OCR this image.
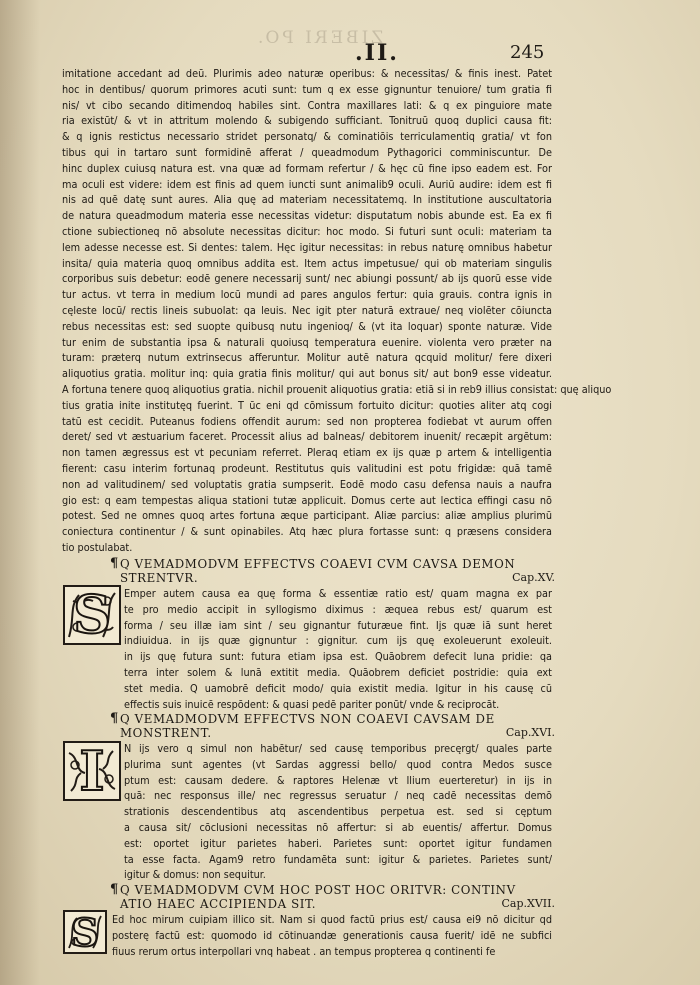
ZIBERI PO.
.II.	245
imitatione accedant ad deū. Plurimis adeo naturæ operibus: & necessitas/ & finis inest. Patet
hoc in dentibus/ quorum primores acuti sunt: tum q ex esse gignuntur tenuiore/ tum gratia fi
nis/ vt cibo secando ditimendoq habiles sint. Contra maxillares lati: & q ex pinguiore mate
ria existūt/ & vt in attritum molendo & subigendo sufficiant. Tonitruū quoq duplici causa fit:
& q ignis restictus necessario stridet personatq/ & cominatiōis terriculamentiq gratia/ vt fon
tibus qui in tartaro sunt formidinē afferat / queadmodum Pythagorici comminiscuntur. De
hinc duplex cuiusq natura est. vna quæ ad formam refertur / & hęc cū fine ipso eadem est. For
ma oculi est videre: idem est finis ad quem iuncti sunt animalib9 oculi. Auriū audire: idem est fi
nis ad quē datę sunt aures. Alia quę ad materiam necessitatemq. In institutione auscultatoria
de natura queadmodum materia esse necessitas videtur: disputatum nobis abunde est. Ea ex fi
ctione subiectioneq nō absolute necessitas dicitur: hoc modo. Si futuri sunt oculi: materiam ta
lem adesse necesse est. Si dentes: talem. Hęc igitur necessitas: in rebus naturę omnibus habetur
insita/ quia materia quoq omnibus addita est. Item actus impetusue/ qui ob materiam singulis
corporibus suis debetur: eodē genere necessarij sunt/ nec abiungi possunt/ ab ijs quorū esse vide
tur actus. vt terra in medium locū mundi ad pares angulos fertur: quia grauis. contra ignis in
cęleste locū/ rectis lineis subuolat: qa leuis. Nec igit pter naturā extraue/ neq violēter cōiuncta
rebus necessitas est: sed suopte quibusq nutu ingenioq/ & (vt ita loquar) sponte naturæ. Vide
tur enim de substantia ipsa & naturali quoiusq temperatura euenire. violenta vero præter na
turam: præterq nutum extrinsecus afferuntur. Molitur autē natura qcquid molitur/ fere dixeri
aliquotius gratia. molitur inq: quia gratia finis molitur/ qui aut bonus sit/ aut bon9 esse videatur.
A fortuna tenere quoq aliquotius gratia. nichil prouenit aliquotius gratia: etiā si in reb9 illius consistat: quę aliquo
tius gratia inite institutęq fuerint. T ūc eni qd cōmissum fortuito dicitur: quoties aliter atq cogi
tatū est cecidit. Puteanus fodiens offendit aurum: sed non propterea fodiebat vt aurum offen
deret/ sed vt æstuarium faceret. Processit alius ad balneas/ debitorem inuenit/ recæpit argētum:
non tamen ægressus est vt pecuniam referret. Pleraq etiam ex ijs quæ p artem & intelligentia
fierent: casu interim fortunaq prodeunt. Restitutus quis valitudini est potu frigidæ: quā tamē
non ad valitudinem/ sed voluptatis gratia sumpserit. Eodē modo casu defensa nauis a naufra
gio est: q eam tempestas aliqua stationi tutæ applicuit. Domus certe aut lectica effingi casu nō
potest. Sed ne omnes quoq artes fortuna æque participant. Aliæ parcius: aliæ amplius plurimū
coniectura continentur / & sunt opinabiles. Atq hæc plura fortasse sunt: q præsens considera
tio postulabat.
¶ Q VEMADMODVM EFFECTVS COAEVI CVM CAVSA DEMON
STRENTVR.	Cap.XV.
S	Emper autem causa ea quę forma & essentiæ ratio est/ quam magna ex par
te pro medio accipit in syllogismo diximus : æquea rebus est/ quarum est
forma / seu illæ iam sint / seu gignantur futuræue fint. Ijs quæ iā sunt heret
indiuidua. in ijs quæ gignuntur : gignitur. cum ijs quę exoleuerunt exoleuit.
in ijs quę futura sunt: futura etiam ipsa est. Quāobrem defecit luna pridie: qa
terra inter solem & lunā extitit media. Quāobrem deficiet postridie: quia ext
stet media. Q uamobrē deficit modo/ quia existit media. Igitur in his causę cū
effectis suis inuicē respōdent: & quasi pedē pariter ponūt/ vnde & reciprocāt.
¶ Q VEMADMODVM EFFECTVS NON COAEVI CAVSAM DE
MONSTRENT.	Cap.XVI.
I	N ijs vero q simul non habētur/ sed causę temporibus precęrgt/ quales parte
plurima sunt agentes (vt Sardas aggressi bello/ quod contra Medos susce
ptum est: causam dedere. & raptores Helenæ vt Ilium euerteretur) in ijs in
quā: nec responsus ille/ nec regressus seruatur / neq cadē necessitas demō
strationis descendentibus atq ascendentibus perpetua est. sed si cęptum
a causa sit/ cōclusioni necessitas nō affertur: si ab euentis/ affertur. Domus
est: oportet igitur parietes haberi. Parietes sunt: oportet igitur fundamen
ta esse facta. Agam9 retro fundamēta sunt: igitur & parietes. Parietes sunt/
igitur & domus: non sequitur.
¶ Q VEMADMODVM CVM HOC POST HOC ORITVR: CONTINV
ATIO HAEC ACCIPIENDA SIT.	Cap.XVII.
S	Ed hoc mirum cuipiam illico sit. Nam si quod factū prius est/ causa ei9 nō dicitur qd
posterę factū est: quomodo id cōtinuandæ generationis causa fuerit/ idē ne subfici
fiuus rerum ortus interpollari vnq habeat . an tempus propterea q continenti fe
